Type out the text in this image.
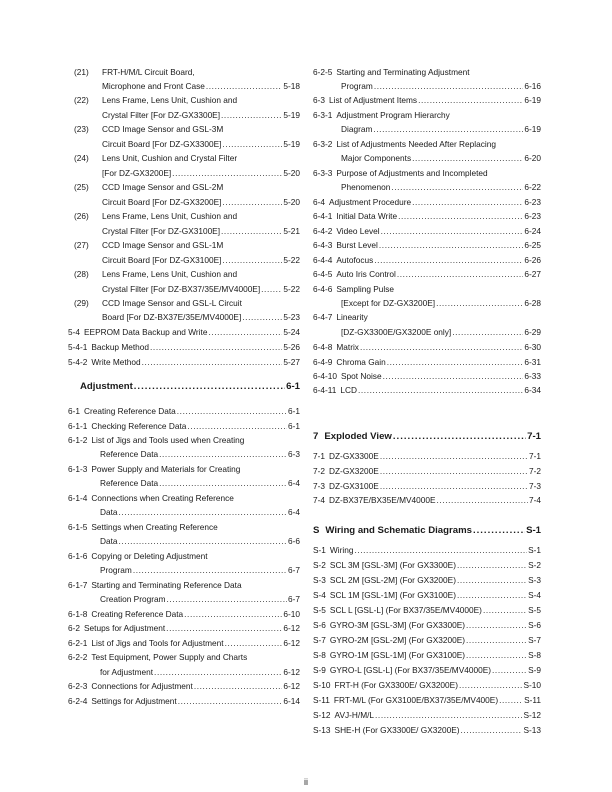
(21) FRT-H/M/L Circuit Board,
Microphone and Front Case .....	5-18
(22) Lens Frame, Lens Unit, Cushion and
Crystal Filter [For DZ-GX3300E] .....	5-19
(23) CCD Image Sensor and GSL-3M
Circuit Board [For DZ-GX3300E] .....	5-19
(24) Lens Unit, Cushion and Crystal Filter
[For DZ-GX3200E] .....	5-20
(25) CCD Image Sensor and GSL-2M
Circuit Board [For DZ-GX3200E] .....	5-20
(26) Lens Frame, Lens Unit, Cushion and
Crystal Filter [For DZ-GX3100E] .....	5-21
(27) CCD Image Sensor and GSL-1M
Circuit Board [For DZ-GX3100E] .....	5-22
(28) Lens Frame, Lens Unit, Cushion and
Crystal Filter [For DZ-BX37/35E/MV4000E] .....	5-22
(29) CCD Image Sensor and GSL-L Circuit
Board [For DZ-BX37E/35E/MV4000E] .....	5-23
5-4 EEPROM Data Backup and Write .....	5-24
5-4-1 Backup Method .....	5-26
5-4-2 Write Method .....	5-27
Adjustment .....	6-1
6-1 Creating Reference Data .....	6-1
6-1-1 Checking Reference Data .....	6-1
6-1-2 List of Jigs and Tools used when Creating
Reference Data .....	6-3
6-1-3 Power Supply and Materials for Creating
Reference Data .....	6-4
6-1-4 Connections when Creating Reference
Data .....	6-4
6-1-5 Settings when Creating Reference
Data .....	6-6
6-1-6 Copying or Deleting Adjustment
Program .....	6-7
6-1-7 Starting and Terminating Reference Data
Creation Program .....	6-7
6-1-8 Creating Reference Data .....	6-10
6-2 Setups for Adjustment .....	6-12
6-2-1 List of Jigs and Tools for Adjustment .....	6-12
6-2-2 Test Equipment, Power Supply and Charts
for Adjustment .....	6-12
6-2-3 Connections for Adjustment .....	6-12
6-2-4 Settings for Adjustment .....	6-14
6-2-5 Starting and Terminating Adjustment
Program .....	6-16
6-3 List of Adjustment Items .....	6-19
6-3-1 Adjustment Program Hierarchy
Diagram .....	6-19
6-3-2 List of Adjustments Needed After Replacing
Major Components .....	6-20
6-3-3 Purpose of Adjustments and Incompleted
Phenomenon .....	6-22
6-4 Adjustment Procedure .....	6-23
6-4-1 Initial Data Write .....	6-23
6-4-2 Video Level .....	6-24
6-4-3 Burst Level .....	6-25
6-4-4 Autofocus .....	6-26
6-4-5 Auto Iris Control .....	6-27
6-4-6 Sampling Pulse
[Except for DZ-GX3200E] .....	6-28
6-4-7 Linearity
[DZ-GX3300E/GX3200E only] .....	6-29
6-4-8 Matrix .....	6-30
6-4-9 Chroma Gain .....	6-31
6-4-10 Spot Noise .....	6-33
6-4-11 LCD .....	6-34
7 Exploded View .....	7-1
7-1 DZ-GX3300E .....	7-1
7-2 DZ-GX3200E .....	7-2
7-3 DZ-GX3100E .....	7-3
7-4 DZ-BX37E/BX35E/MV4000E .....	7-4
S Wiring and Schematic Diagrams .....	S-1
S-1 Wiring .....	S-1
S-2 SCL 3M [GSL-3M] (For GX3300E) .....	S-2
S-3 SCL 2M [GSL-2M] (For GX3200E) .....	S-3
S-4 SCL 1M [GSL-1M] (For GX3100E) .....	S-4
S-5 SCL L [GSL-L] (For BX37/35E/MV4000E) .....	S-5
S-6 GYRO-3M [GSL-3M] (For GX3300E) .....	S-6
S-7 GYRO-2M [GSL-2M] (For GX3200E) .....	S-7
S-8 GYRO-1M [GSL-1M] (For GX3100E) .....	S-8
S-9 GYRO-L [GSL-L] (For BX37/35E/MV4000E) .....	S-9
S-10 FRT-H (For GX3300E/ GX3200E) .....	S-10
S-11 FRT-M/L (For GX3100E/BX37/35E/MV400E) .....	S-11
S-12 AVJ-H/M/L .....	S-12
S-13 SHE-H (For GX3300E/ GX3200E) .....	S-13
ii
